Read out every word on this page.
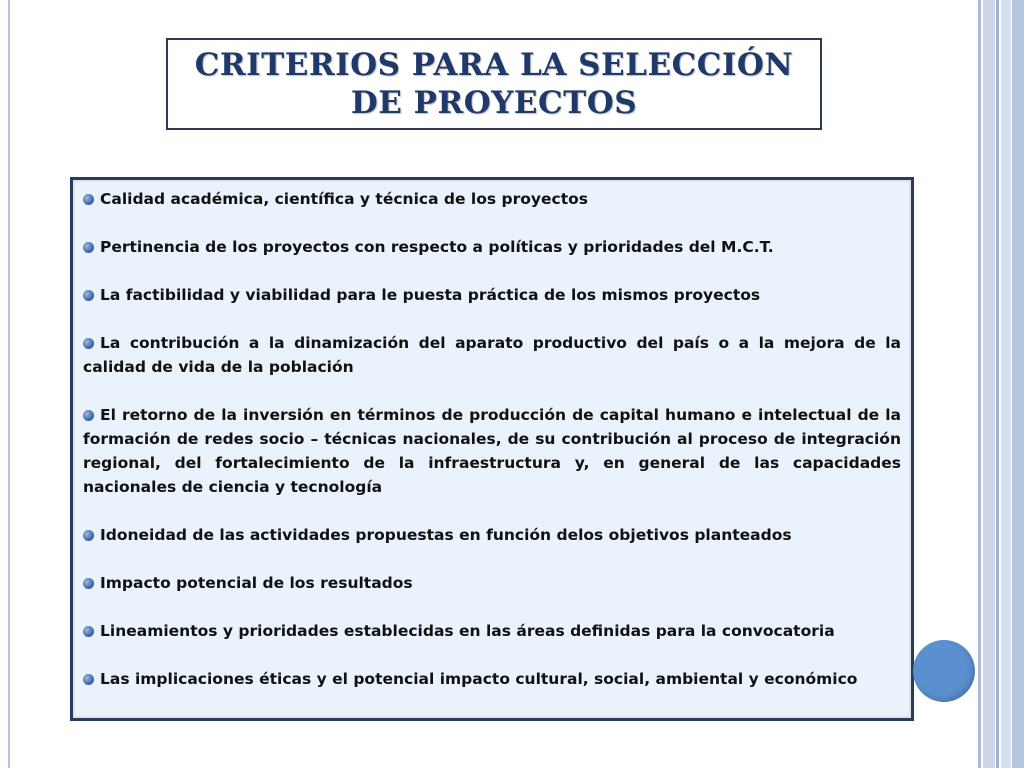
CRITERIOS PARA LA SELECCIÓN
DE PROYECTOS
Calidad académica, científica y técnica de los proyectos
Pertinencia de los proyectos con respecto a políticas y prioridades del M.C.T.
La factibilidad y viabilidad para le puesta práctica de los mismos proyectos
La contribución a la dinamización del aparato productivo del país o a la mejora de la calidad de vida de la población
El retorno de la inversión en términos de producción de capital humano e intelectual de la formación de redes socio – técnicas nacionales, de su contribución al proceso de integración regional, del fortalecimiento de la infraestructura y, en general de las capacidades nacionales de ciencia y tecnología
Idoneidad de las actividades propuestas en función delos objetivos planteados
Impacto potencial de los resultados
Lineamientos y prioridades establecidas en las áreas definidas para la convocatoria
Las implicaciones éticas y el potencial impacto cultural, social, ambiental y económico
